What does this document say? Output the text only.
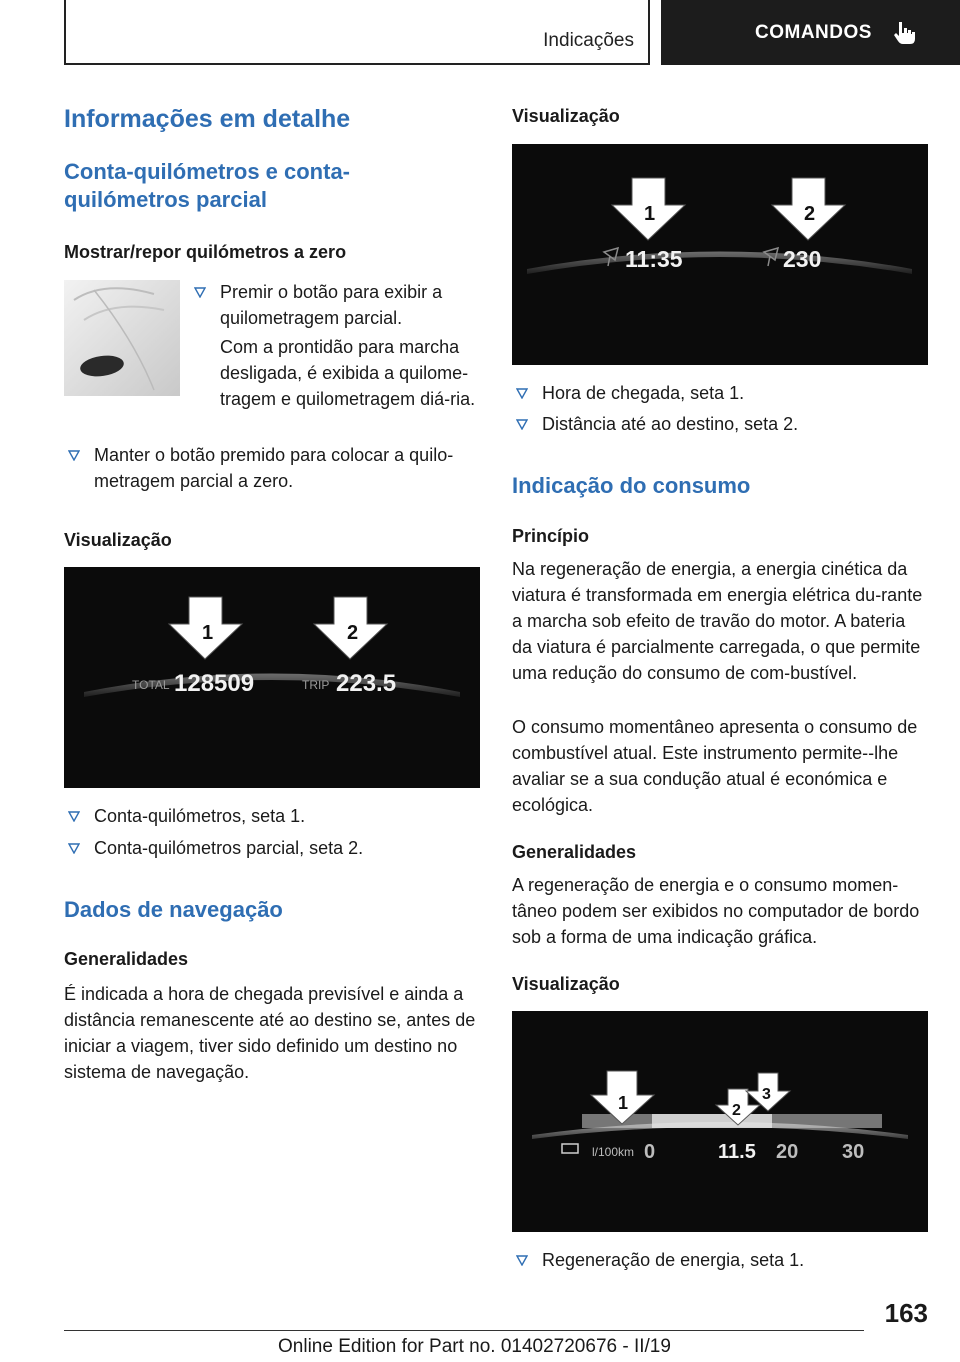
Indicações	COMANDOS
Informações em detalhe
Conta-quilómetros e conta-
quilómetros parcial
Mostrar/repor quilómetros a zero
Premir o botão para exibir a quilometragem parcial.
Com a prontidão para marcha desligada, é exibida a quilome-tragem e quilometragem diá-ria.
Manter o botão premido para colocar a quilo-metragem parcial a zero.
Visualização
1	2
TOTAL 128509	TRIP 223.5
Conta-quilómetros, seta 1.
Conta-quilómetros parcial, seta 2.
Dados de navegação
Generalidades
É indicada a hora de chegada previsível e ainda a distância remanescente até ao destino se, antes de iniciar a viagem, tiver sido definido um destino no sistema de navegação.
Visualização
1	2
11:35	230
Hora de chegada, seta 1.
Distância até ao destino, seta 2.
Indicação do consumo
Princípio
Na regeneração de energia, a energia cinética da viatura é transformada em energia elétrica du-rante a marcha sob efeito de travão do motor. A bateria da viatura é parcialmente carregada, o que permite uma redução do consumo de com-bustível.
O consumo momentâneo apresenta o consumo de combustível atual. Este instrumento permite--lhe avaliar se a sua condução atual é económica e ecológica.
Generalidades
A regeneração de energia e o consumo momen-tâneo podem ser exibidos no computador de bordo sob a forma de uma indicação gráfica.
Visualização
1	2
3
l/100km 0	11.5 20 30
Regeneração de energia, seta 1.
163
Online Edition for Part no. 01402720676 - II/19
